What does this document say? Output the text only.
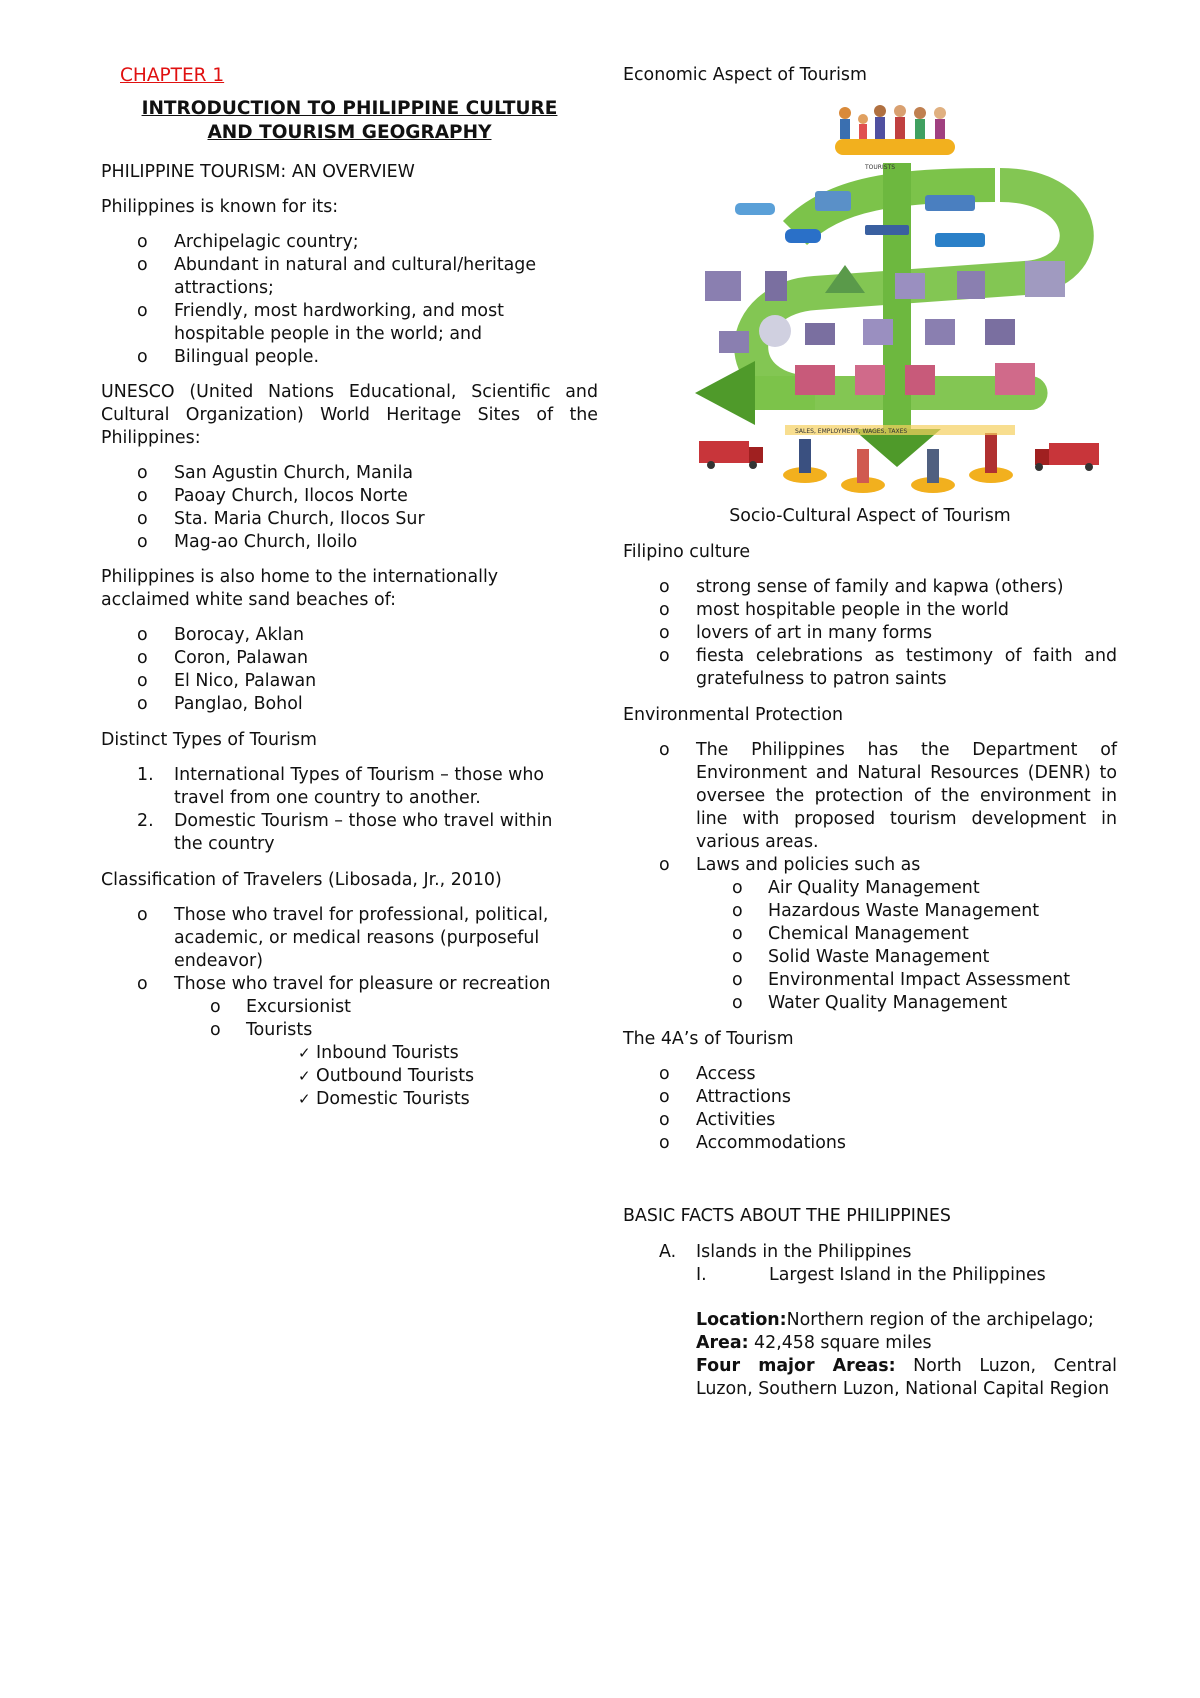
CHAPTER 1

INTRODUCTION TO PHILIPPINE CULTURE
AND TOURISM GEOGRAPHY

PHILIPPINE TOURISM: AN OVERVIEW

Philippines is known for its:

o Archipelagic country;
o Abundant in natural and cultural/heritage attractions;
o Friendly, most hardworking, and most hospitable people in the world; and
o Bilingual people.

UNESCO (United Nations Educational, Scientific and Cultural Organization) World Heritage Sites of the Philippines:

o San Agustin Church, Manila
o Paoay Church, Ilocos Norte
o Sta. Maria Church, Ilocos Sur
o Mag-ao Church, Iloilo

Philippines is also home to the internationally acclaimed white sand beaches of:

o Borocay, Aklan
o Coron, Palawan
o El Nico, Palawan
o Panglao, Bohol

Distinct Types of Tourism

1. International Types of Tourism – those who travel from one country to another.
2. Domestic Tourism – those who travel within the country

Classification of Travelers (Libosada, Jr., 2010)

o Those who travel for professional, political, academic, or medical reasons (purposeful endeavor)
o Those who travel for pleasure or recreation
o Excursionist
o Tourists
✓ Inbound Tourists
✓ Outbound Tourists
✓ Domestic Tourists

Economic Aspect of Tourism

TOURISTS
SALES, EMPLOYMENT, WAGES, TAXES

Socio-Cultural Aspect of Tourism

Filipino culture

o strong sense of family and kapwa (others)
o most hospitable people in the world
o lovers of art in many forms
o fiesta celebrations as testimony of faith and gratefulness to patron saints

Environmental Protection

o The Philippines has the Department of Environment and Natural Resources (DENR) to oversee the protection of the environment in line with proposed tourism development in various areas.
o Laws and policies such as
o Air Quality Management
o Hazardous Waste Management
o Chemical Management
o Solid Waste Management
o Environmental Impact Assessment
o Water Quality Management

The 4A’s of Tourism

o Access
o Attractions
o Activities
o Accommodations

BASIC FACTS ABOUT THE PHILIPPINES

A. Islands in the Philippines

I.	Largest Island in the Philippines

Location:Northern region of the archipelago;

Area: 42,458 square miles

Four major Areas: North Luzon, Central Luzon, Southern Luzon, National Capital Region
